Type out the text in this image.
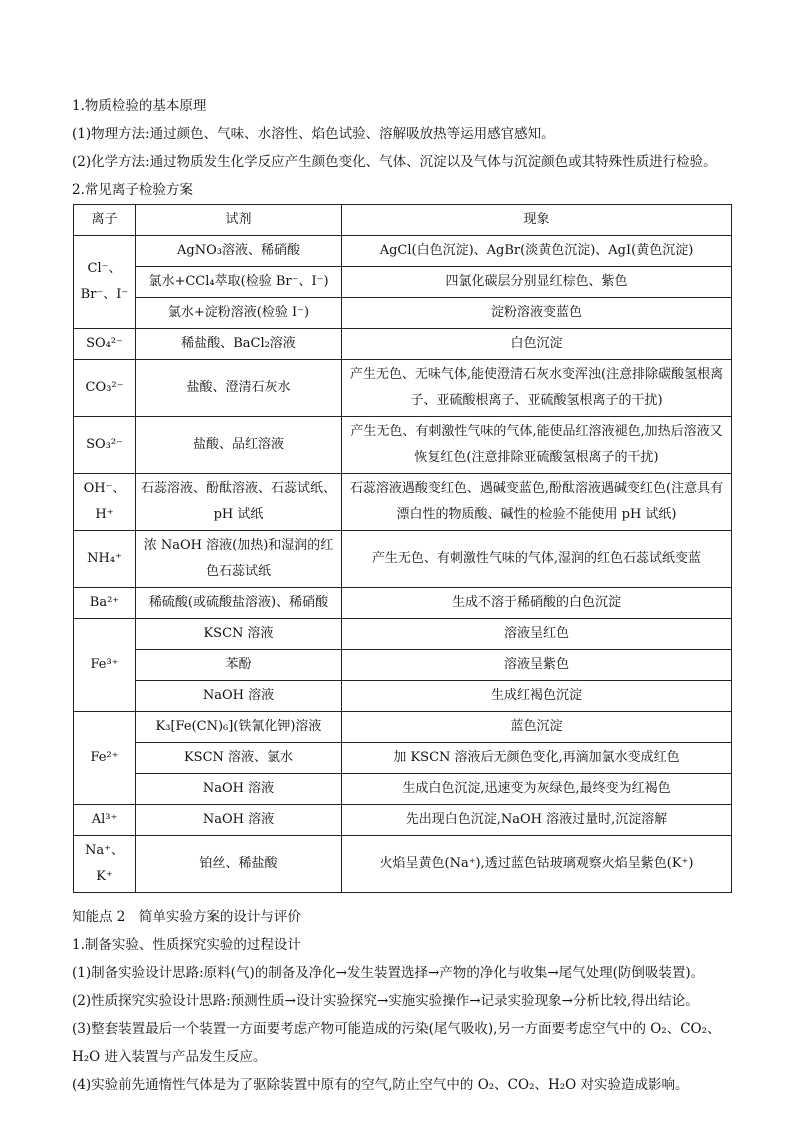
1.物质检验的基本原理
(1)物理方法:通过颜色、气味、水溶性、焰色试验、溶解吸放热等运用感官感知。
(2)化学方法:通过物质发生化学反应产生颜色变化、气体、沉淀以及气体与沉淀颜色或其特殊性质进行检验。
2.常见离子检验方案
离子	试剂	现象
Cl⁻、Br⁻、I⁻	AgNO₃溶液、稀硝酸	AgCl(白色沉淀)、AgBr(淡黄色沉淀)、AgI(黄色沉淀)
	氯水+CCl₄萃取(检验 Br⁻、I⁻)	四氯化碳层分别显红棕色、紫色
	氯水+淀粉溶液(检验 I⁻)	淀粉溶液变蓝色
SO₄²⁻	稀盐酸、BaCl₂溶液	白色沉淀
CO₃²⁻	盐酸、澄清石灰水	产生无色、无味气体,能使澄清石灰水变浑浊(注意排除碳酸氢根离子、亚硫酸根离子、亚硫酸氢根离子的干扰)
SO₃²⁻	盐酸、品红溶液	产生无色、有刺激性气味的气体,能使品红溶液褪色,加热后溶液又恢复红色(注意排除亚硫酸氢根离子的干扰)
OH⁻、H⁺	石蕊溶液、酚酞溶液、石蕊试纸、pH 试纸	石蕊溶液遇酸变红色、遇碱变蓝色,酚酞溶液遇碱变红色(注意具有漂白性的物质酸、碱性的检验不能使用 pH 试纸)
NH₄⁺	浓 NaOH 溶液(加热)和湿润的红色石蕊试纸	产生无色、有刺激性气味的气体,湿润的红色石蕊试纸变蓝
Ba²⁺	稀硫酸(或硫酸盐溶液)、稀硝酸	生成不溶于稀硝酸的白色沉淀
Fe³⁺	KSCN 溶液	溶液呈红色
	苯酚	溶液呈紫色
	NaOH 溶液	生成红褐色沉淀
Fe²⁺	K₃[Fe(CN)₆](铁氰化钾)溶液	蓝色沉淀
	KSCN 溶液、氯水	加 KSCN 溶液后无颜色变化,再滴加氯水变成红色
	NaOH 溶液	生成白色沉淀,迅速变为灰绿色,最终变为红褐色
Al³⁺	NaOH 溶液	先出现白色沉淀,NaOH 溶液过量时,沉淀溶解
Na⁺、K⁺	铂丝、稀盐酸	火焰呈黄色(Na⁺),透过蓝色钴玻璃观察火焰呈紫色(K⁺)
知能点 2　简单实验方案的设计与评价
1.制备实验、性质探究实验的过程设计
(1)制备实验设计思路:原料(气)的制备及净化→发生装置选择→产物的净化与收集→尾气处理(防倒吸装置)。
(2)性质探究实验设计思路:预测性质→设计实验探究→实施实验操作→记录实验现象→分析比较,得出结论。
(3)整套装置最后一个装置一方面要考虑产物可能造成的污染(尾气吸收),另一方面要考虑空气中的 O₂、CO₂、H₂O 进入装置与产品发生反应。
(4)实验前先通惰性气体是为了驱除装置中原有的空气,防止空气中的 O₂、CO₂、H₂O 对实验造成影响。
